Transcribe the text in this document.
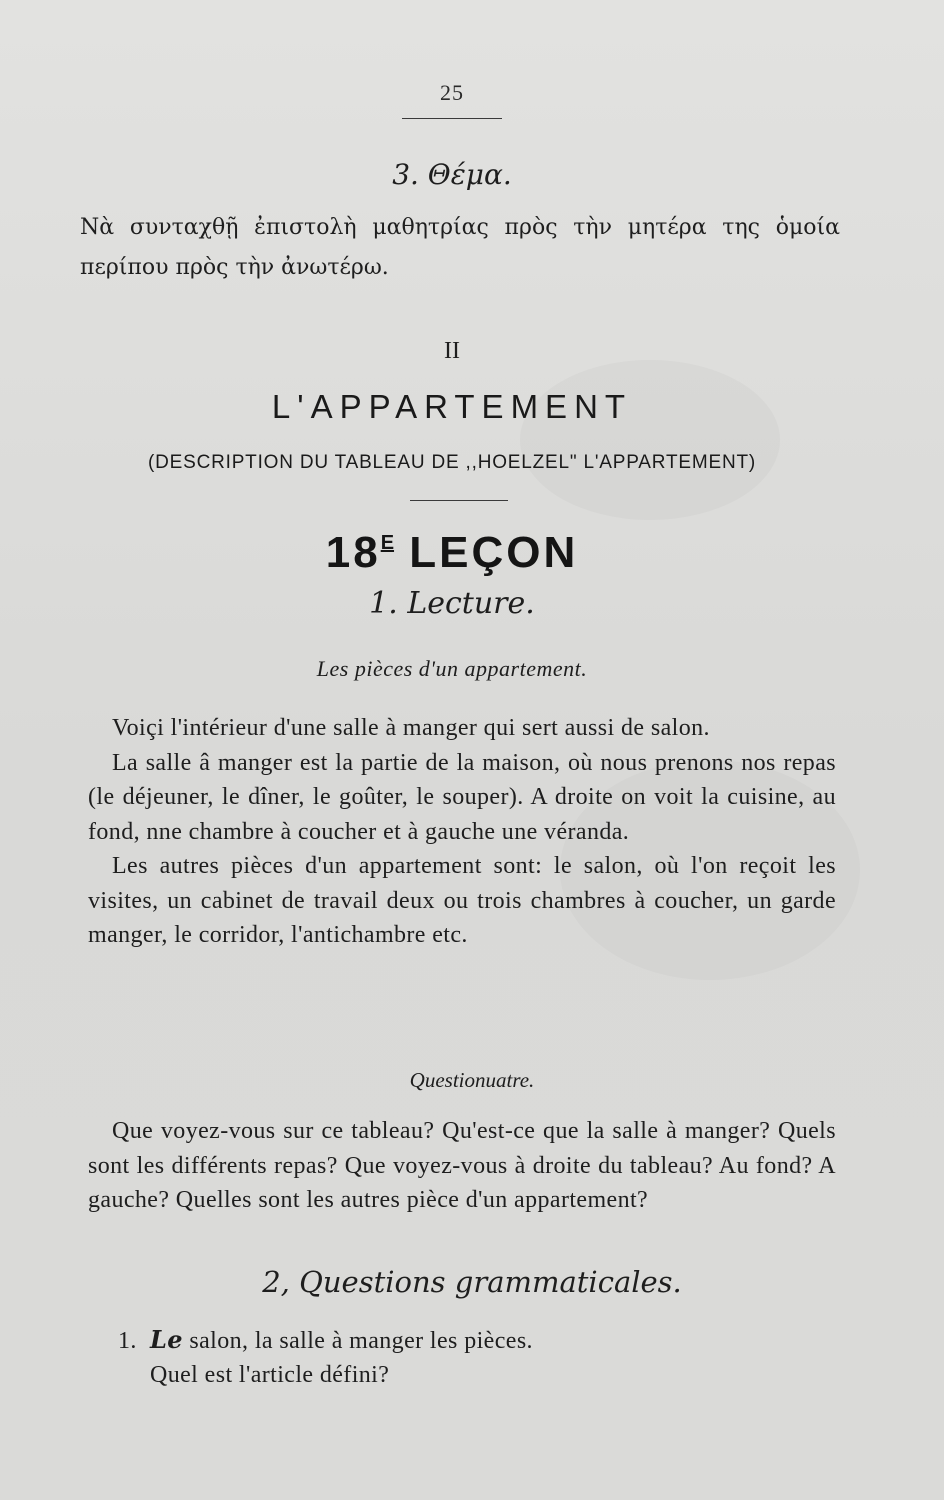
25
3. Θέμα.
Νὰ συνταχθῇ ἐπιστολὴ μαθητρίας πρὸς τὴν μητέρα της ὁμοία περίπου πρὸς τὴν ἀνωτέρω.
II
L'APPARTEMENT
(DESCRIPTION DU TABLEAU DE ,,HOELZEL" L'APPARTEMENT)
$18^E$ LEÇON
1. Lecture.
Les pièces d'un appartement.

Voiçi l'intérieur d'une salle à manger qui sert aussi de salon.

La salle â manger est la partie de la maison, où nous prenons nos repas (le déjeuner, le dîner, le goûter, le souper). A droite on voit la cuisine, au fond, nne chambre à coucher et à gauche une véranda.

Les autres pièces d'un appartement sont: le salon, où l'on reçoit les visites, un cabinet de travail deux ou trois chambres à coucher, un garde manger, le corridor, l'antichambre etc.

Questionuatre.

Que voyez-vous sur ce tableau? Qu'est-ce que la salle à manger? Quels sont les différents repas? Que voyez-vous à droite du tableau? Au fond? A gauche? Quelles sont les autres pièce d'un appartement?

2, Questions grammaticales.
1. Le salon, la salle à manger les pièces.
Quel est l'article défini?
